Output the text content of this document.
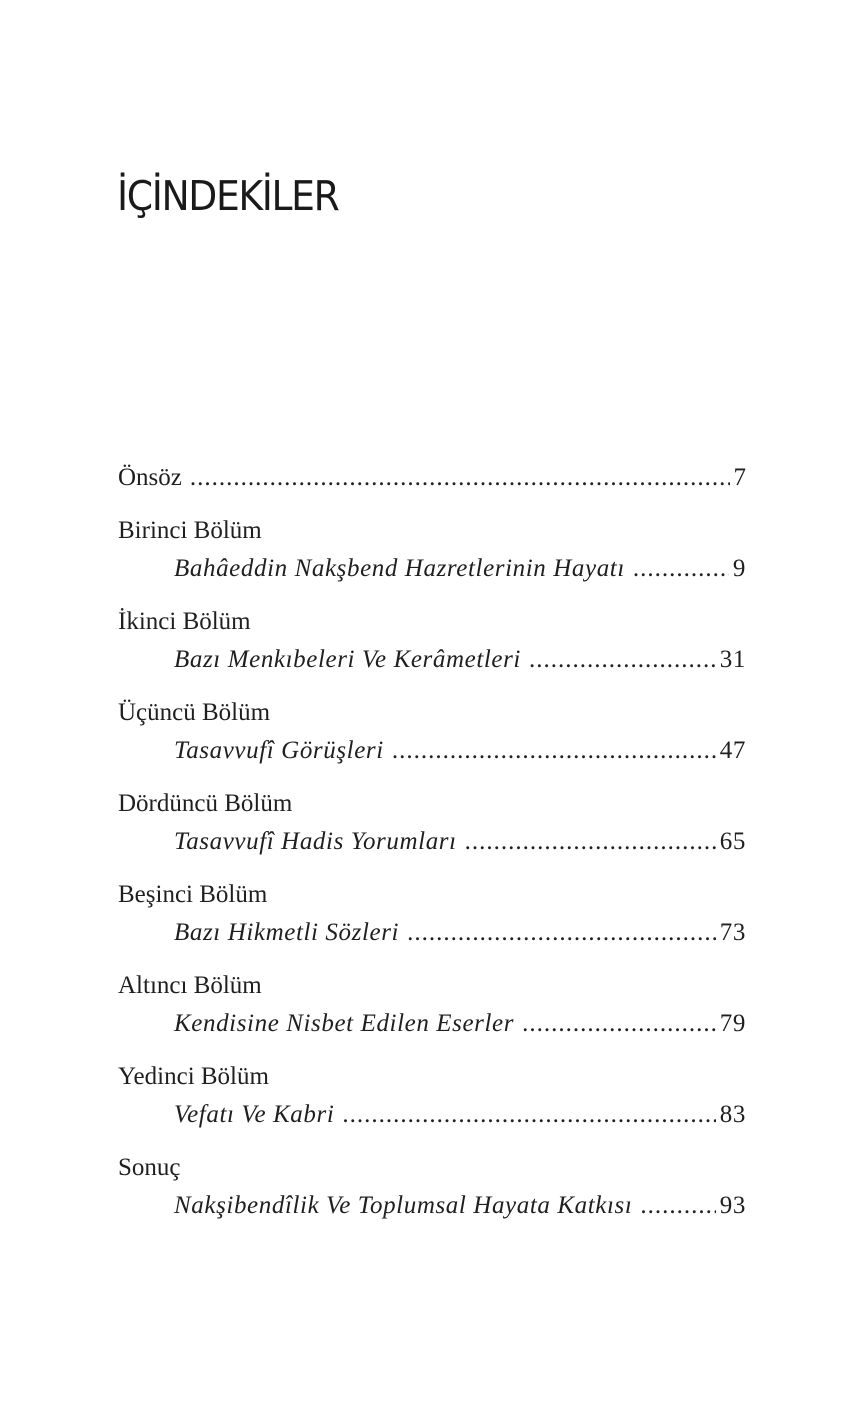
İÇİNDEKİLER
Önsöz .....	7
Birinci Bölüm
Bahâeddin Nakşbend Hazretlerinin Hayatı .....	9
İkinci Bölüm
Bazı Menkıbeleri Ve Kerâmetleri .....	31
Üçüncü Bölüm
Tasavvufî Görüşleri .....	47
Dördüncü Bölüm
Tasavvufî Hadis Yorumları .....	65
Beşinci Bölüm
Bazı Hikmetli Sözleri .....	73
Altıncı Bölüm
Kendisine Nisbet Edilen Eserler .....	79
Yedinci Bölüm
Vefatı Ve Kabri .....	83
Sonuç
Nakşibendîlik Ve Toplumsal Hayata Katkısı .....	93
